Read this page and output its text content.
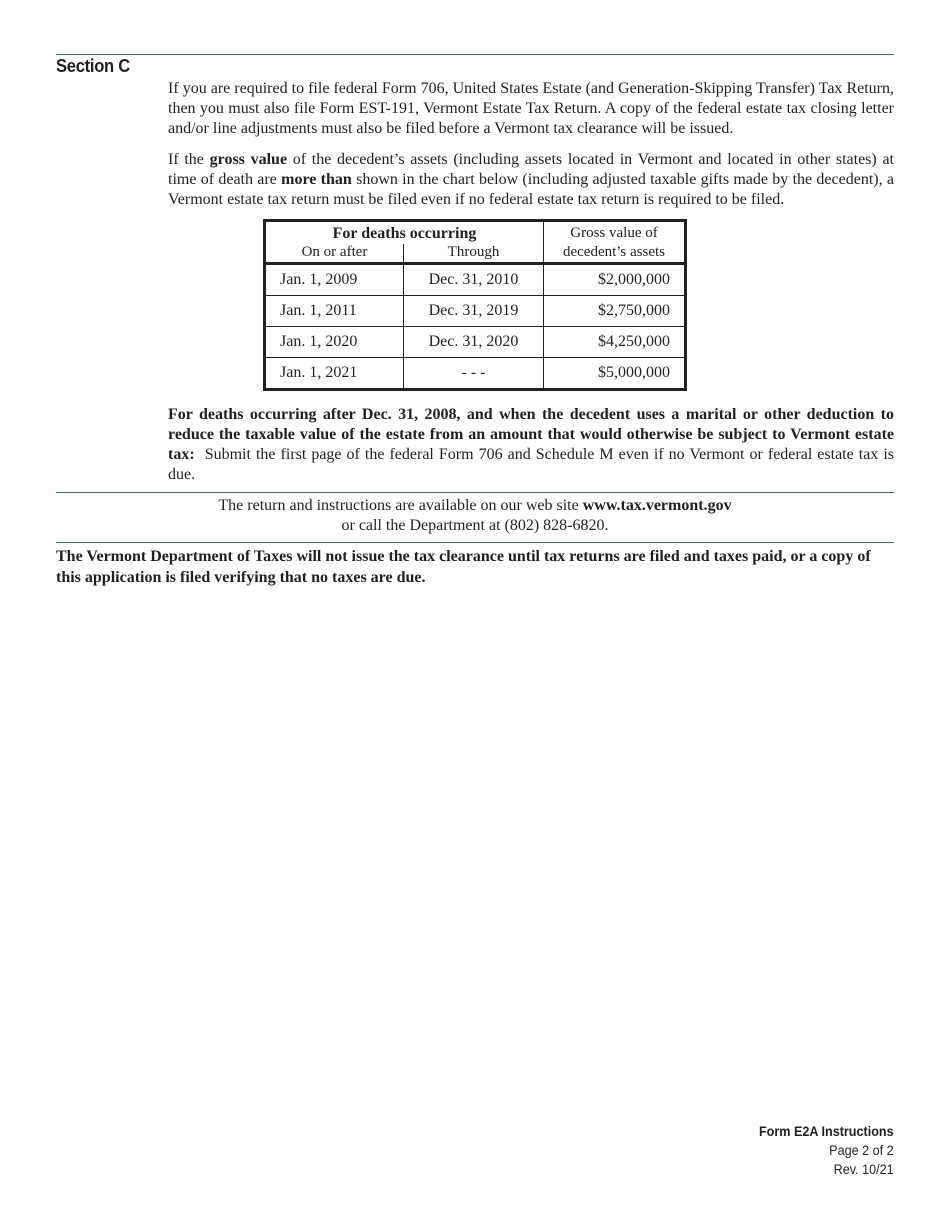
Section C

If you are required to file federal Form 706, United States Estate (and Generation-Skipping Transfer) Tax Return, then you must also file Form EST-191, Vermont Estate Tax Return. A copy of the federal estate tax closing letter and/or line adjustments must also be filed before a Vermont tax clearance will be issued.

If the gross value of the decedent’s assets (including assets located in Vermont and located in other states) at time of death are more than shown in the chart below (including adjusted taxable gifts made by the decedent), a Vermont estate tax return must be filed even if no federal estate tax return is required to be filed.

For deaths occurring		Gross value of
On or after	Through	decedent’s assets
Jan. 1, 2009	Dec. 31, 2010	$2,000,000
Jan. 1, 2011	Dec. 31, 2019	$2,750,000
Jan. 1, 2020	Dec. 31, 2020	$4,250,000
Jan. 1, 2021	- - -	$5,000,000

For deaths occurring after Dec. 31, 2008, and when the decedent uses a marital or other deduction to reduce the taxable value of the estate from an amount that would otherwise be subject to Vermont estate tax:  Submit the first page of the federal Form 706 and Schedule M even if no Vermont or federal estate tax is due.

The return and instructions are available on our web site www.tax.vermont.gov
or call the Department at (802) 828-6820.

The Vermont Department of Taxes will not issue the tax clearance until tax returns are filed and taxes paid, or a copy of this application is filed verifying that no taxes are due.

Form E2A Instructions
Page 2 of 2
Rev. 10/21
